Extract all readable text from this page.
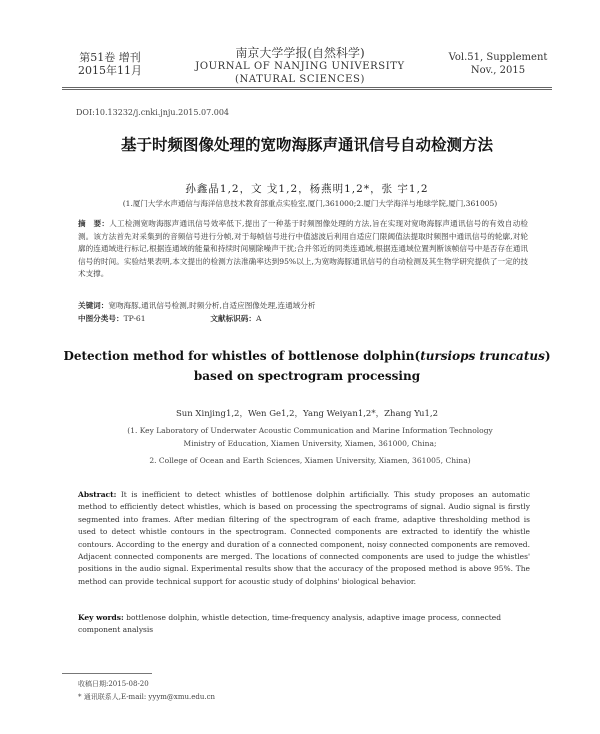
第51卷 增刊
2015年11月
南京大学学报(自然科学)
JOURNAL OF NANJING UNIVERSITY
(NATURAL SCIENCES)
Vol.51, Supplement
Nov., 2015
DOI:10.13232/j.cnki.jnju.2015.07.004
基于时频图像处理的宽吻海豚声通讯信号自动检测方法
孙鑫晶1,2，文 戈1,2，杨燕明1,2*，张 宇1,2
(1.厦门大学水声通信与海洋信息技术教育部重点实验室,厦门,361000;2.厦门大学海洋与地球学院,厦门,361005)
摘　要：人工检测宽吻海豚声通讯信号效率低下,提出了一种基于时频图像处理的方法,旨在实现对宽吻海豚声通讯信号的有效自动检测。该方法首先对采集到的音频信号进行分帧,对于每帧信号进行中值滤波后利用自适应门限阈值法提取时频图中通讯信号的轮廓,对轮廓的连通域进行标记,根据连通域的能量和持续时间剔除噪声干扰;合并邻近的同类连通域,根据连通域位置判断该帧信号中是否存在通讯信号的时间。实验结果表明,本文提出的检测方法准确率达到95%以上,为宽吻海豚通讯信号的自动检测及其生物学研究提供了一定的技术支撑。
关键词：宽吻海豚,通讯信号检测,时频分析,自适应图像处理,连通域分析
中图分类号：TP-61	文献标识码：A
Detection method for whistles of bottlenose dolphin(tursiops truncatus)
based on spectrogram processing
Sun Xinjing1,2，Wen Ge1,2，Yang Weiyan1,2*，Zhang Yu1,2
(1. Key Laboratory of Underwater Acoustic Communication and Marine Information Technology
Ministry of Education, Xiamen University, Xiamen, 361000, China;
2. College of Ocean and Earth Sciences, Xiamen University, Xiamen, 361005, China)
Abstract: It is inefficient to detect whistles of bottlenose dolphin artificially. This study proposes an automatic method to efficiently detect whistles, which is based on processing the spectrograms of signal. Audio signal is firstly segmented into frames. After median filtering of the spectrogram of each frame, adaptive thresholding method is used to detect whistle contours in the spectrogram. Connected components are extracted to identify the whistle contours. According to the energy and duration of a connected component, noisy connected components are removed. Adjacent connected components are merged. The locations of connected components are used to judge the whistles' positions in the audio signal. Experimental results show that the accuracy of the proposed method is above 95%. The method can provide technical support for acoustic study of dolphins' biological behavior.
Key words: bottlenose dolphin, whistle detection, time-frequency analysis, adaptive image process, connected component analysis
收稿日期:2015-08-20
* 通讯联系人,E-mail: yyym@xmu.edu.cn
